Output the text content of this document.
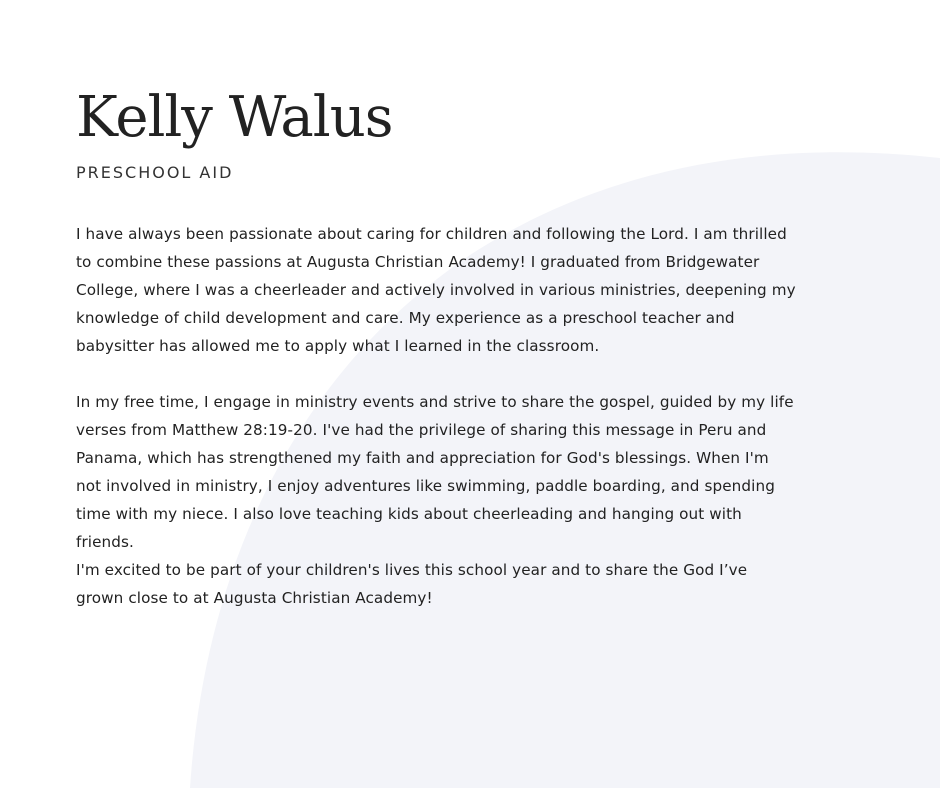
Kelly Walus
PRESCHOOL AID

I have always been passionate about caring for children and following the Lord. I am thrilled to combine these passions at Augusta Christian Academy! I graduated from Bridgewater College, where I was a cheerleader and actively involved in various ministries, deepening my knowledge of child development and care. My experience as a preschool teacher and babysitter has allowed me to apply what I learned in the classroom.

In my free time, I engage in ministry events and strive to share the gospel, guided by my life verses from Matthew 28:19-20. I've had the privilege of sharing this message in Peru and Panama, which has strengthened my faith and appreciation for God's blessings. When I'm not involved in ministry, I enjoy adventures like swimming, paddle boarding, and spending time with my niece. I also love teaching kids about cheerleading and hanging out with friends.

I'm excited to be part of your children's lives this school year and to share the God I’ve grown close to at Augusta Christian Academy!
